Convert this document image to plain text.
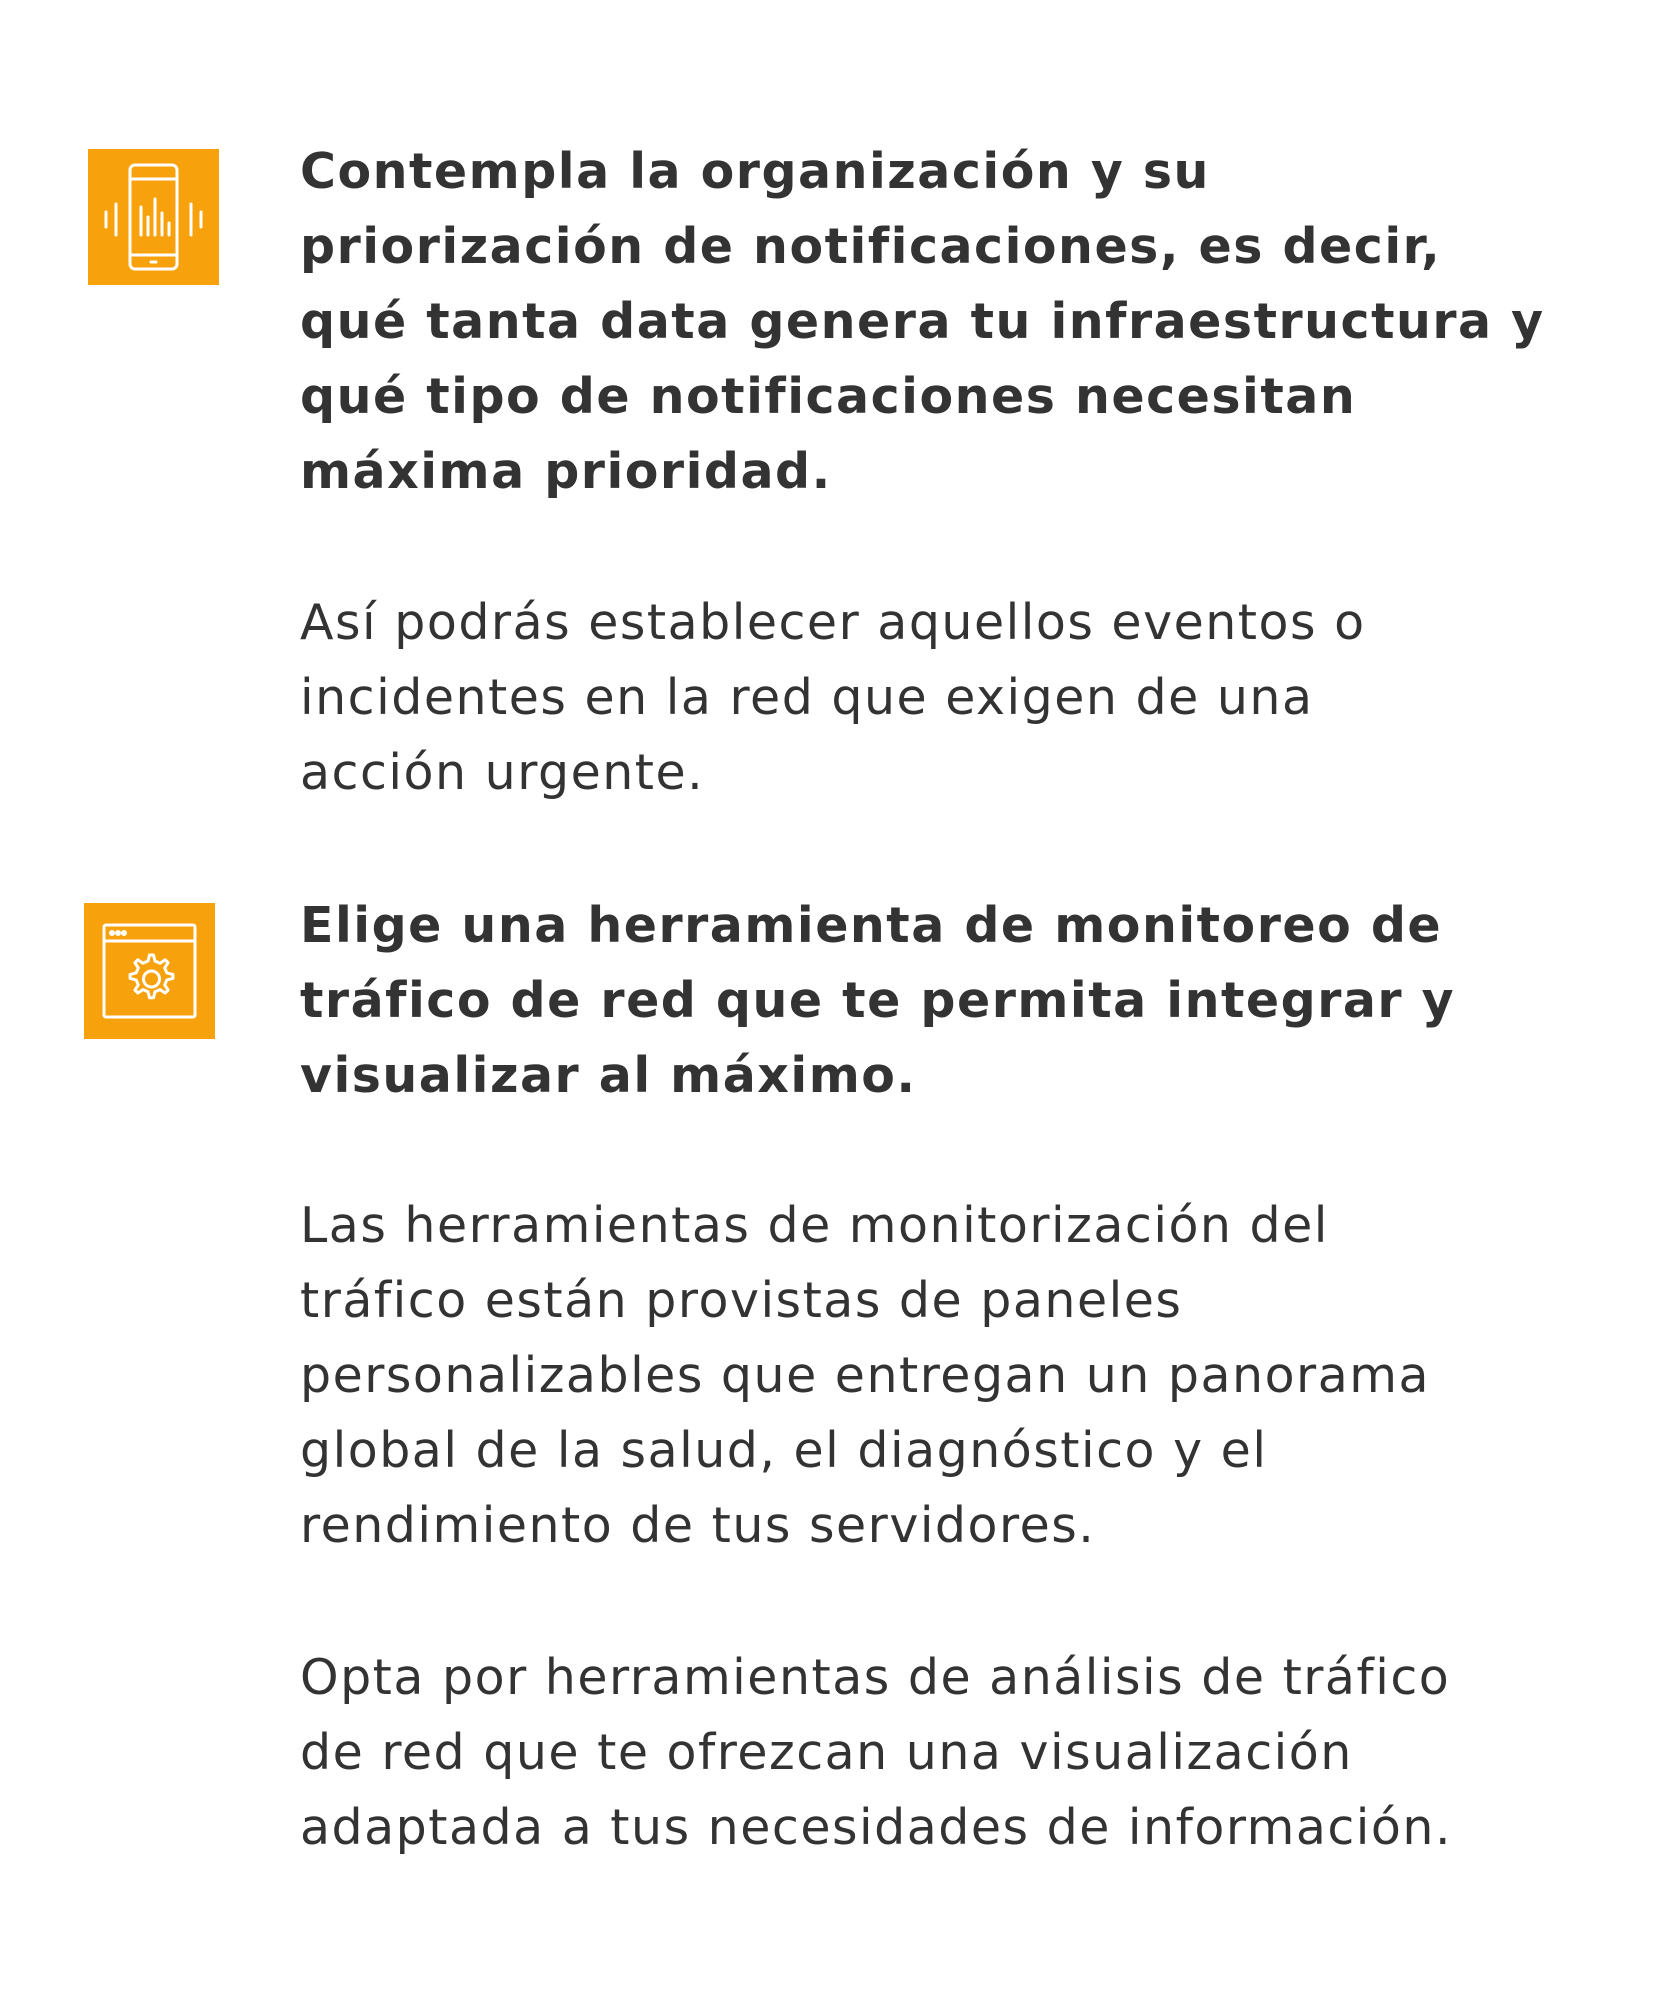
Contempla la organización y su
priorización de notificaciones, es decir,
qué tanta data genera tu infraestructura y
qué tipo de notificaciones necesitan
máxima prioridad.

Así podrás establecer aquellos eventos o
incidentes en la red que exigen de una
acción urgente.

Elige una herramienta de monitoreo de
tráfico de red que te permita integrar y
visualizar al máximo.

Las herramientas de monitorización del
tráfico están provistas de paneles
personalizables que entregan un panorama
global de la salud, el diagnóstico y el
rendimiento de tus servidores.

Opta por herramientas de análisis de tráfico
de red que te ofrezcan una visualización
adaptada a tus necesidades de información.
